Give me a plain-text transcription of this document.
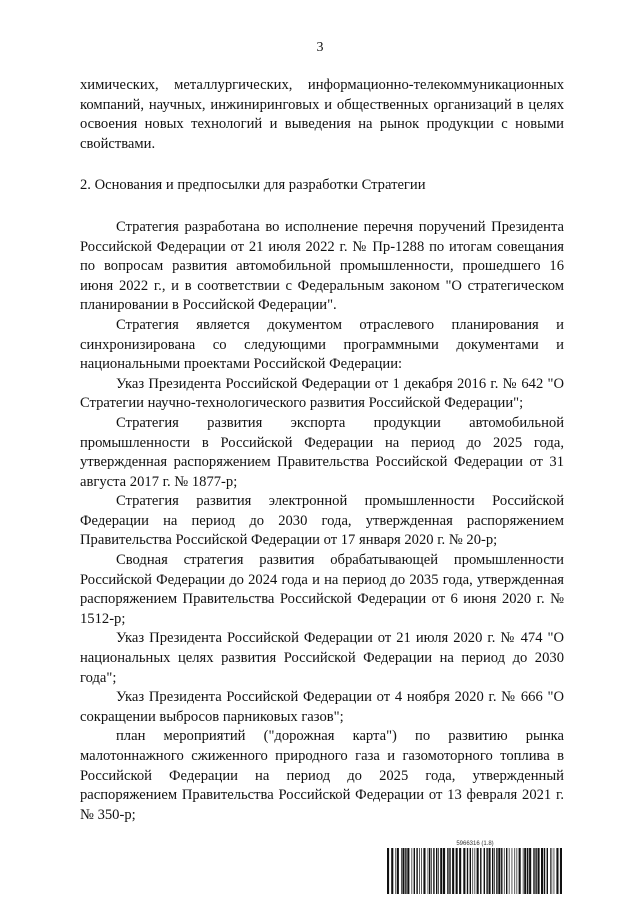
3

химических, металлургических, информационно-телекоммуникационных компаний, научных, инжиниринговых и общественных организаций в целях освоения новых технологий и выведения на рынок продукции с новыми свойствами.

2. Основания и предпосылки для разработки Стратегии

Стратегия разработана во исполнение перечня поручений Президента Российской Федерации от 21 июля 2022 г. № Пр-1288 по итогам совещания по вопросам развития автомобильной промышленности, прошедшего 16 июня 2022 г., и в соответствии с Федеральным законом "О стратегическом планировании в Российской Федерации".

Стратегия является документом отраслевого планирования и синхронизирована со следующими программными документами и национальными проектами Российской Федерации:

Указ Президента Российской Федерации от 1 декабря 2016 г. № 642 "О Стратегии научно-технологического развития Российской Федерации";

Стратегия развития экспорта продукции автомобильной промышленности в Российской Федерации на период до 2025 года, утвержденная распоряжением Правительства Российской Федерации от 31 августа 2017 г. № 1877-р;

Стратегия развития электронной промышленности Российской Федерации на период до 2030 года, утвержденная распоряжением Правительства Российской Федерации от 17 января 2020 г. № 20-р;

Сводная стратегия развития обрабатывающей промышленности Российской Федерации до 2024 года и на период до 2035 года, утвержденная распоряжением Правительства Российской Федерации от 6 июня 2020 г. № 1512-р;

Указ Президента Российской Федерации от 21 июля 2020 г. № 474 "О национальных целях развития Российской Федерации на период до 2030 года";

Указ Президента Российской Федерации от 4 ноября 2020 г. № 666 "О сокращении выбросов парниковых газов";

план мероприятий ("дорожная карта") по развитию рынка малотоннажного сжиженного природного газа и газомоторного топлива в Российской Федерации на период до 2025 года, утвержденный распоряжением Правительства Российской Федерации от 13 февраля 2021 г. № 350-р;

5966316 (1.8)
